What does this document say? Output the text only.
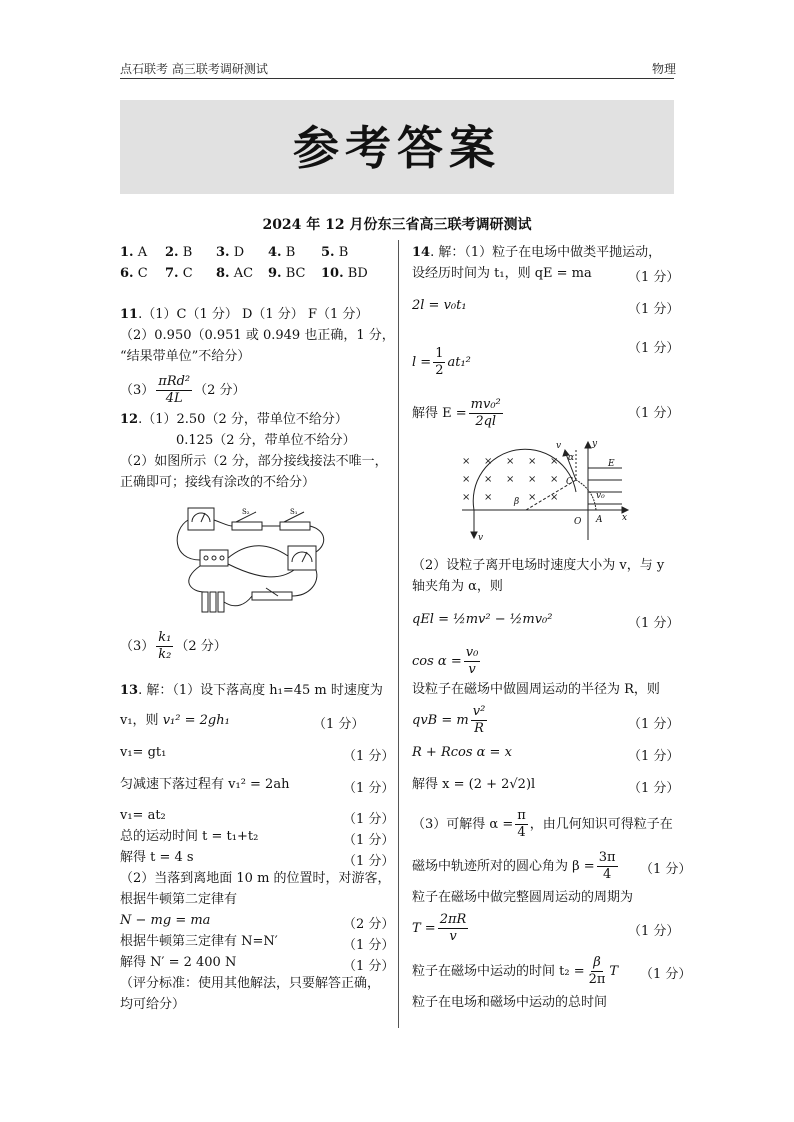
点石联考 高三联考调研测试	物理
参考答案
2024 年 12 月份东三省高三联考调研测试
1. A 2. B 3. D 4. B 5. B
6. C 7. C 8. AC 9. BC 10. BD
11.（1）C（1 分） D（1 分） F（1 分）
（2）0.950（0.951 或 0.949 也正确，1 分，
“结果带单位”不给分）
$(3) \frac{\text{πRd²}}{4L} (2$ 分）
12.（1）2.50（2 分，带单位不给分）
0.125（2 分，带单位不给分）
（2）如图所示（2 分，部分接线接法不唯一，
正确即可；接线有涂改的不给分）
S₂	S₁
$(3) \frac{\text{k₁}}{\text{k₂}} (2$ 分）
13. 解：（1）设下落高度 h₁=45 m 时速度为
v₁，则 v₁² = 2gh₁	（1 分）
v₁= gt₁	（1 分）
匀减速下落过程有 v₁² = 2ah	（1 分）
v₁= at₂	（1 分）
总的运动时间 t = t₁+t₂	（1 分）
解得 t = 4 s	（1 分）
（2）当落到离地面 10 m 的位置时，对游客，
根据牛顿第二定律有
N − mg = ma	（2 分）
根据牛顿第三定律有 N=N′	（1 分）
解得 N′ = 2 400 N	（1 分）
（评分标准：使用其他解法，只要解答正确，
均可给分）
14. 解：（1）粒子在电场中做类平抛运动，
设经历时间为 t₁，则 qE = ma	（1 分）
2l = v₀t₁	（1 分）
（1 分）
$l = \frac{1}{2} at_1^2$
解得 $E = \frac{\text{mv₀²}}{2ql}$	（1 分）
× × × × ×
× × × × ×
× ×	× ×
v
α
y
C
E
v₀
β
O A x
v
（2）设粒子离开电场时速度大小为 v，与 y
轴夹角为 α，则
qEl = ½mv² − ½mv₀²	（1 分）
$\cos \alpha = \frac{\text{v₀}}{v}$
设粒子在磁场中做圆周运动的半径为 R，则
qvB = m $\frac{\text{v²}}{R}$	（1 分）
R + Rcos α = x	（1 分）
解得 x = (2 + 2√2)l	（1 分）
（3）可解得 $\alpha = \frac{\pi}{4}$ ，由几何知识可得粒子在
磁场中轨迹所对的圆心角为 $\beta = \frac{3\pi}{4} (1$ 分）
粒子在磁场中做完整圆周运动的周期为
$T = \frac{2\pi R}{v}$	（1 分）
粒子在磁场中运动的时间 $t_2 = \frac{\beta}{2\pi}$ T （1 分）
粒子在电场和磁场中运动的总时间
